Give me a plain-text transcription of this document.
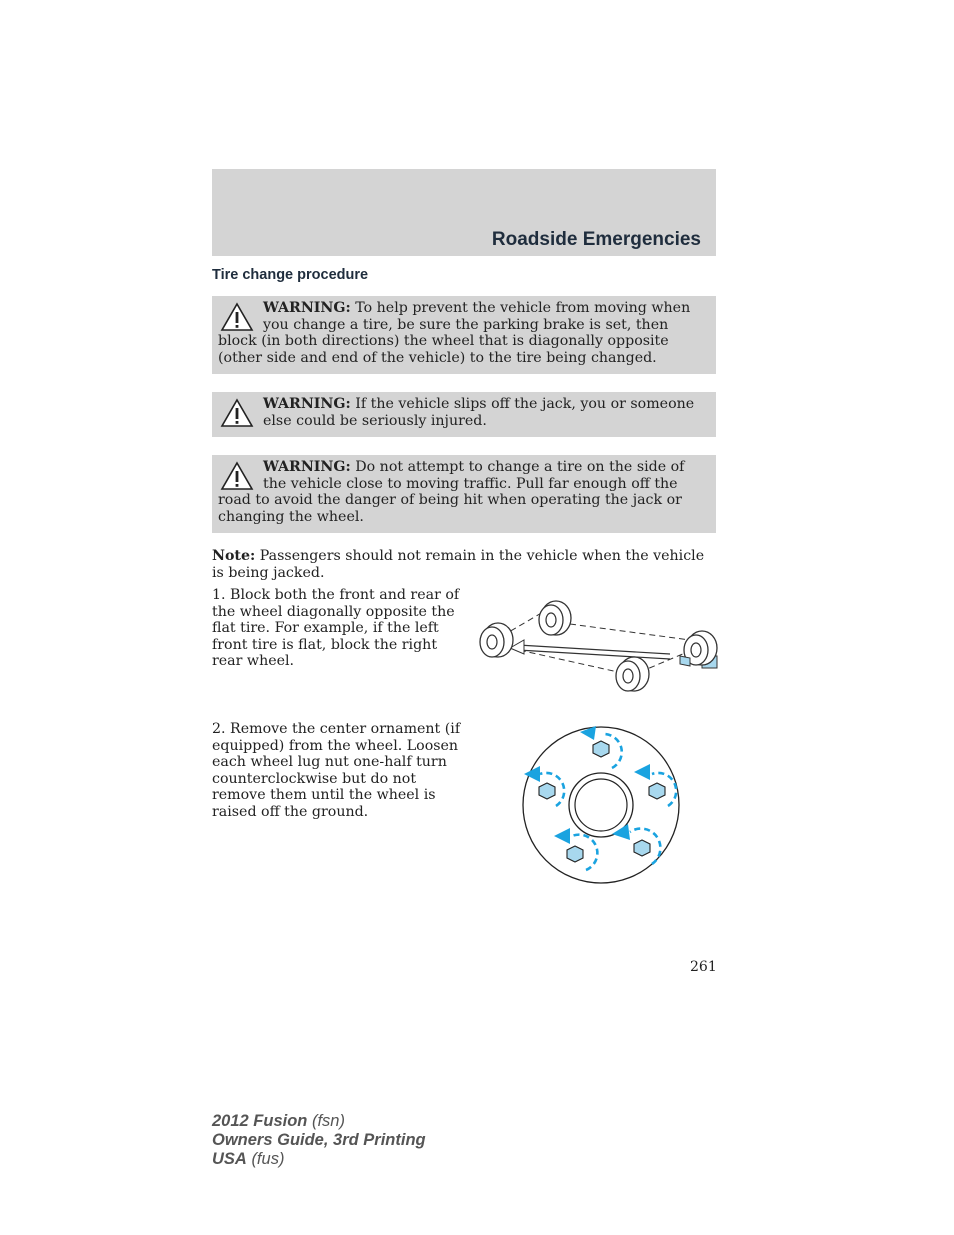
Roadside Emergencies
Tire change procedure
WARNING: To help prevent the vehicle from moving when you change a tire, be sure the parking brake is set, then block (in both directions) the wheel that is diagonally opposite (other side and end of the vehicle) to the tire being changed.
WARNING: If the vehicle slips off the jack, you or someone else could be seriously injured.
WARNING: Do not attempt to change a tire on the side of the vehicle close to moving traffic. Pull far enough off the road to avoid the danger of being hit when operating the jack or changing the wheel.
Note: Passengers should not remain in the vehicle when the vehicle is being jacked.
1. Block both the front and rear of the wheel diagonally opposite the flat tire. For example, if the left front tire is flat, block the right rear wheel.
2. Remove the center ornament (if equipped) from the wheel. Loosen each wheel lug nut one-half turn counterclockwise but do not remove them until the wheel is raised off the ground.
261
2012 Fusion (fsn)
Owners Guide, 3rd Printing
USA (fus)
